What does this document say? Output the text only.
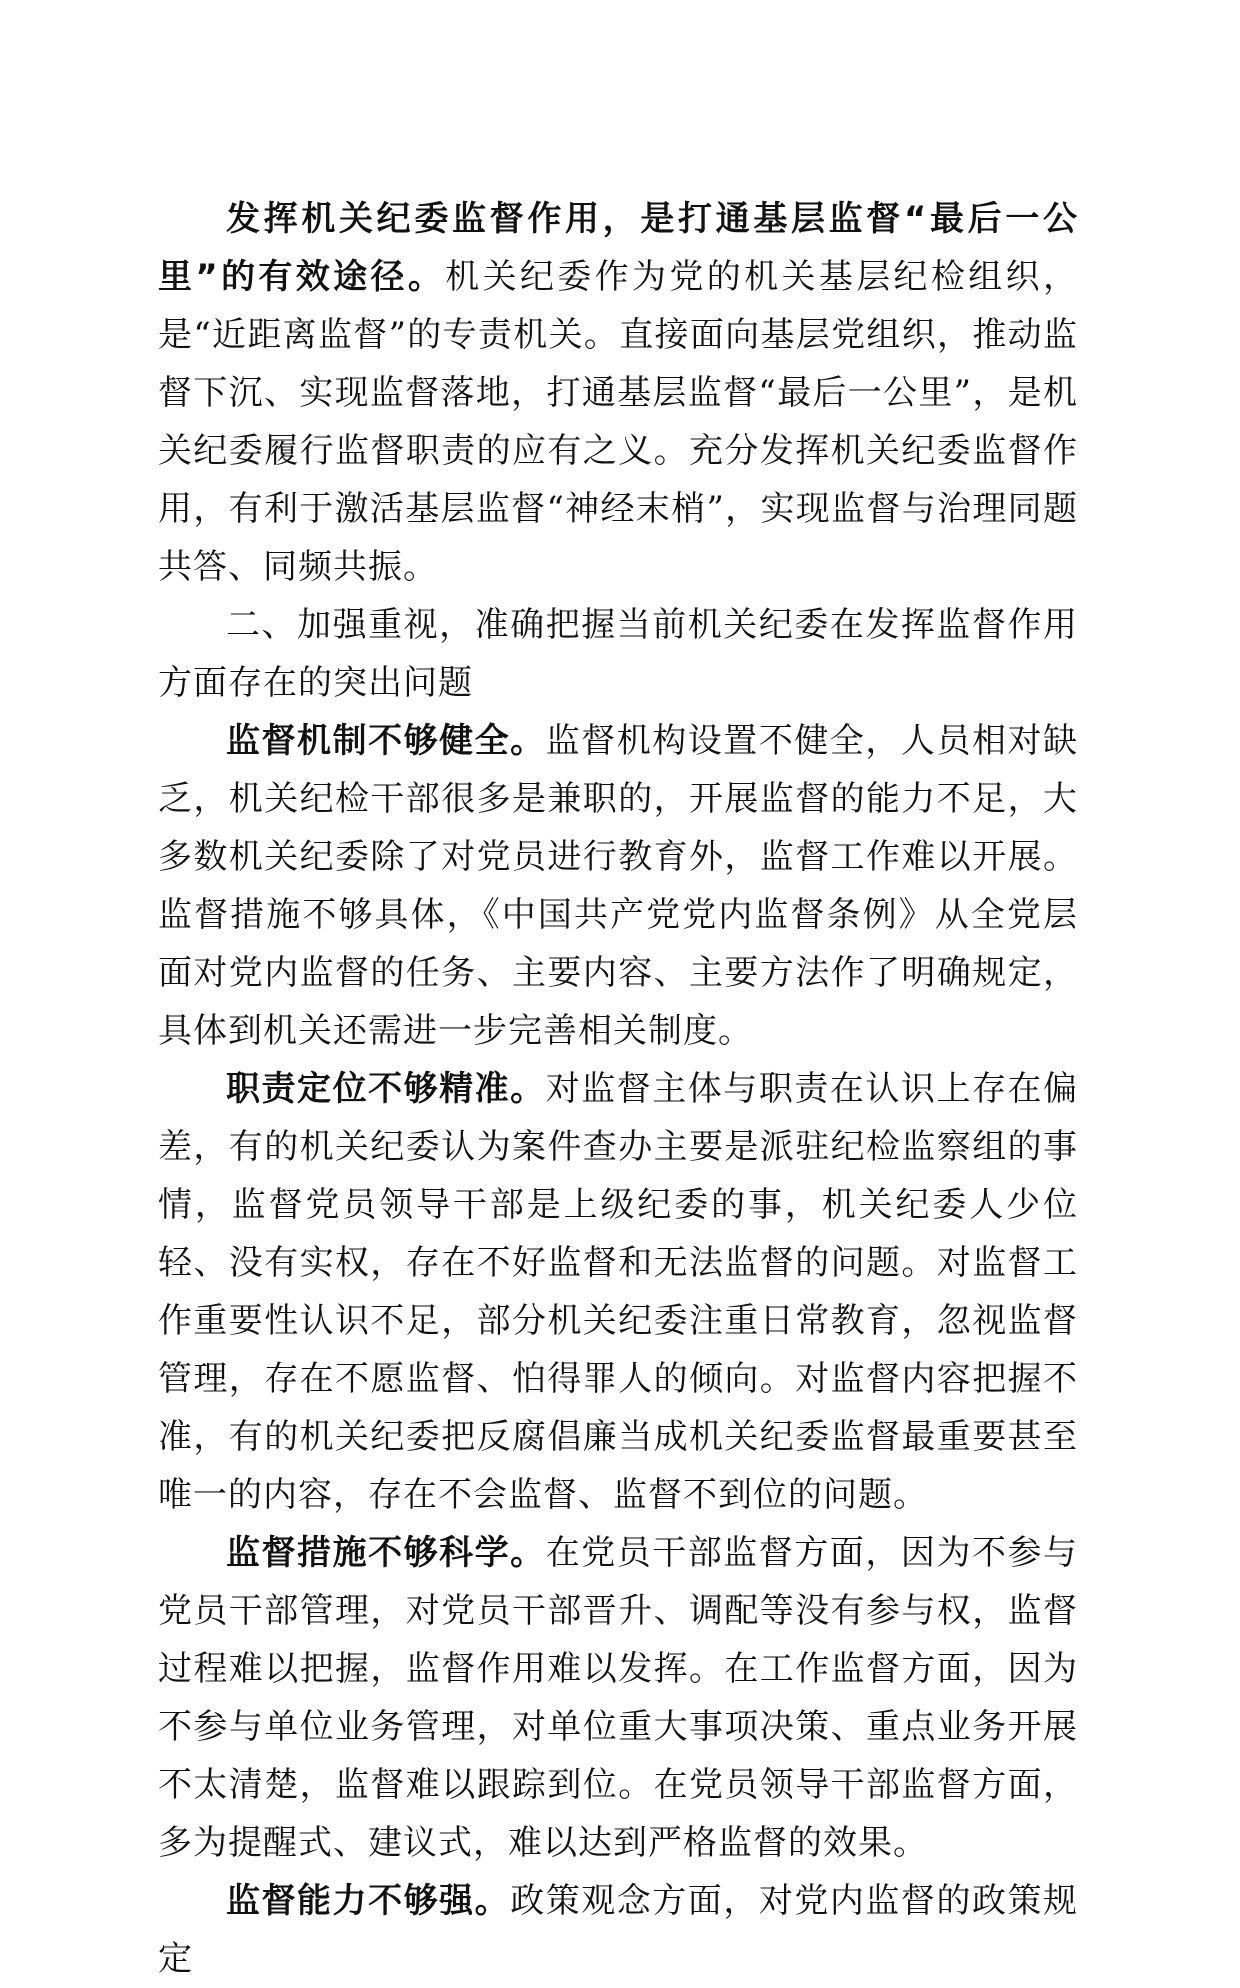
发挥机关纪委监督作用，是打通基层监督“最后一公里”的有效途径。机关纪委作为党的机关基层纪检组织，是“近距离监督”的专责机关。直接面向基层党组织，推动监督下沉、实现监督落地，打通基层监督“最后一公里”，是机关纪委履行监督职责的应有之义。充分发挥机关纪委监督作用，有利于激活基层监督“神经末梢”，实现监督与治理同题共答、同频共振。

二、加强重视，准确把握当前机关纪委在发挥监督作用方面存在的突出问题

监督机制不够健全。监督机构设置不健全，人员相对缺乏，机关纪检干部很多是兼职的，开展监督的能力不足，大多数机关纪委除了对党员进行教育外，监督工作难以开展。监督措施不够具体，《中国共产党党内监督条例》从全党层面对党内监督的任务、主要内容、主要方法作了明确规定，具体到机关还需进一步完善相关制度。

职责定位不够精准。对监督主体与职责在认识上存在偏差，有的机关纪委认为案件查办主要是派驻纪检监察组的事情，监督党员领导干部是上级纪委的事，机关纪委人少位轻、没有实权，存在不好监督和无法监督的问题。对监督工作重要性认识不足，部分机关纪委注重日常教育，忽视监督管理，存在不愿监督、怕得罪人的倾向。对监督内容把握不准，有的机关纪委把反腐倡廉当成机关纪委监督最重要甚至唯一的内容，存在不会监督、监督不到位的问题。

监督措施不够科学。在党员干部监督方面，因为不参与党员干部管理，对党员干部晋升、调配等没有参与权，监督过程难以把握，监督作用难以发挥。在工作监督方面，因为不参与单位业务管理，对单位重大事项决策、重点业务开展不太清楚，监督难以跟踪到位。在党员领导干部监督方面，多为提醒式、建议式，难以达到严格监督的效果。

监督能力不够强。政策观念方面，对党内监督的政策规定
